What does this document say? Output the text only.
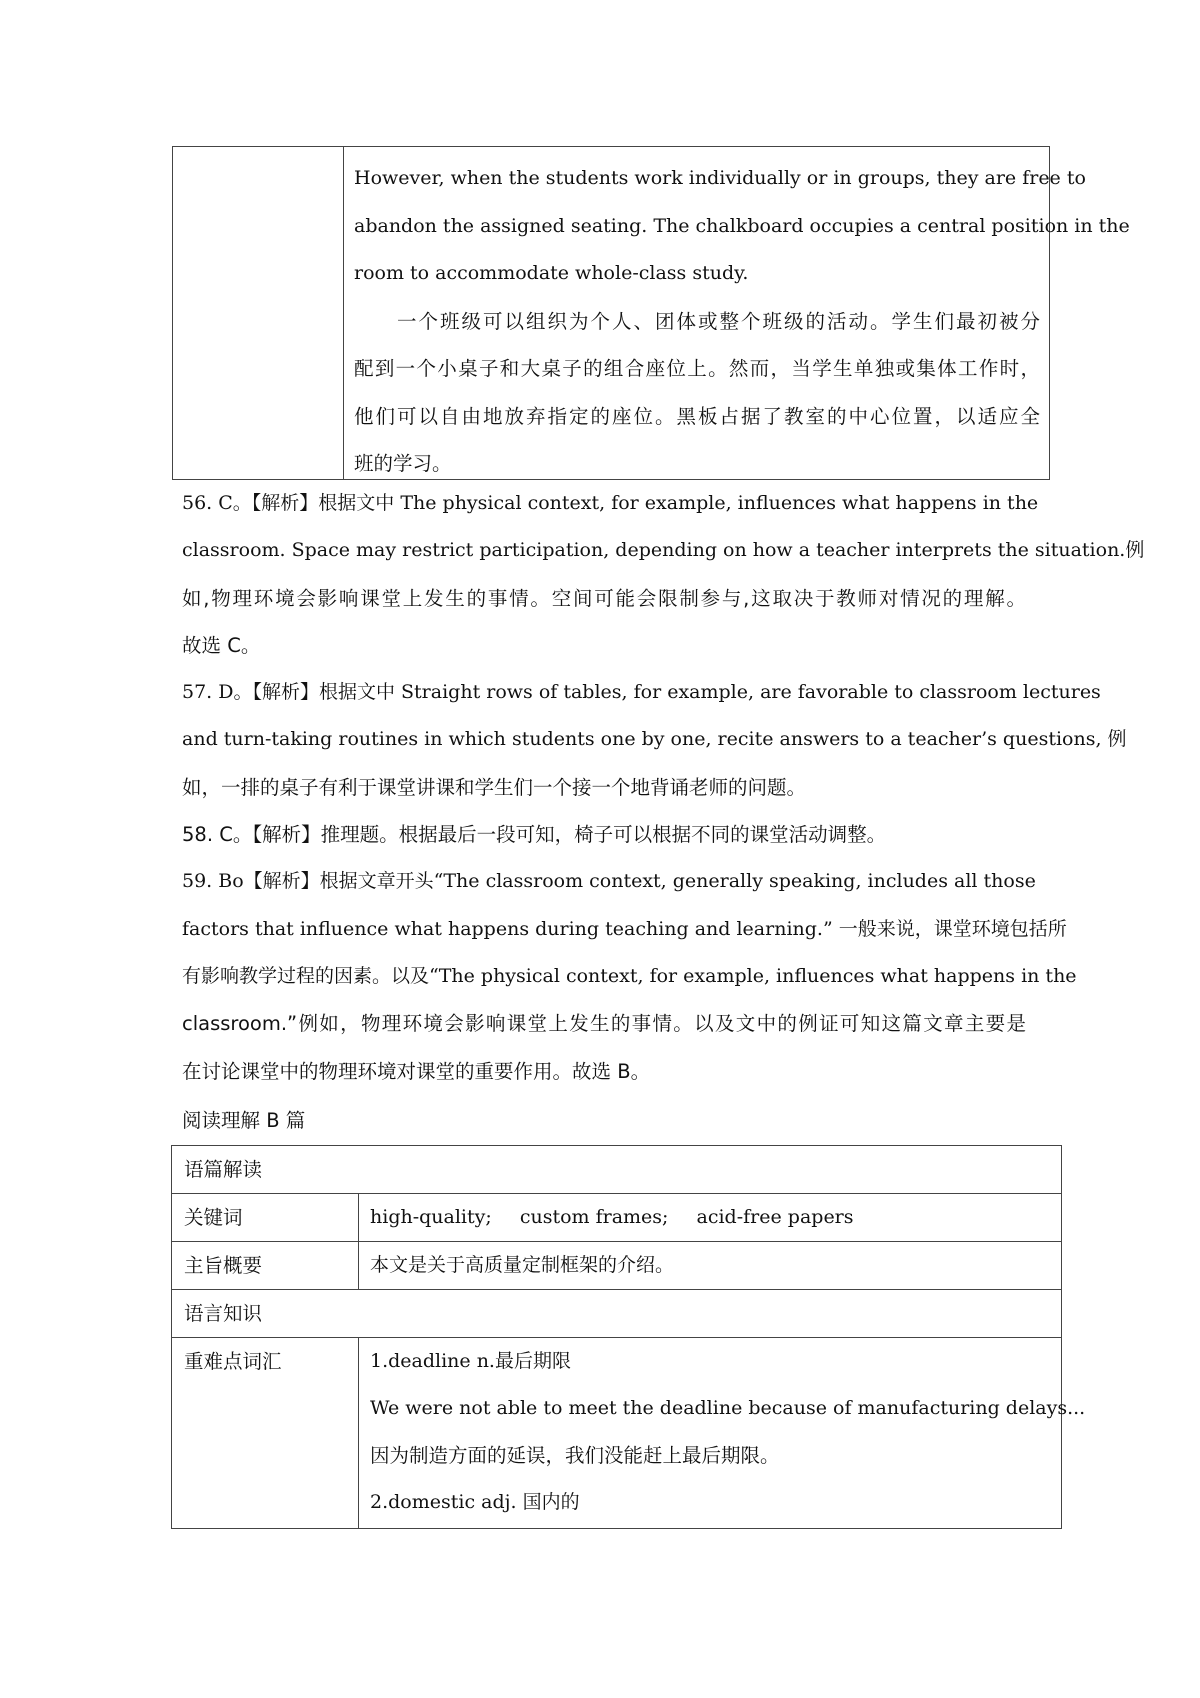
However, when the students work individually or in groups, they are free to
abandon the assigned seating. The chalkboard occupies a central position in the
room to accommodate whole-class study.
　　一个班级可以组织为个人、团体或整个班级的活动。学生们最初被分
配到一个小桌子和大桌子的组合座位上。然而，当学生单独或集体工作时，
他们可以自由地放弃指定的座位。黑板占据了教室的中心位置，以适应全
班的学习。
56. C。【解析】根据文中 The physical context, for example, influences what happens in the
classroom. Space may restrict participation, depending on how a teacher interprets the situation.例
如,物理环境会影响课堂上发生的事情。空间可能会限制参与,这取决于教师对情况的理解。
故选 C。
57. D。【解析】根据文中 Straight rows of tables, for example, are favorable to classroom lectures
and turn-taking routines in which students one by one, recite answers to a teacher’s questions, 例
如，一排的桌子有利于课堂讲课和学生们一个接一个地背诵老师的问题。
58. C。【解析】推理题。根据最后一段可知，椅子可以根据不同的课堂活动调整。
59. Bo【解析】根据文章开头“The classroom context, generally speaking, includes all those
factors that influence what happens during teaching and learning.” 一般来说，课堂环境包括所
有影响教学过程的因素。以及“The physical context, for example, influences what happens in the
classroom.”例如，物理环境会影响课堂上发生的事情。以及文中的例证可知这篇文章主要是
在讨论课堂中的物理环境对课堂的重要作用。故选 B。
阅读理解 B 篇
语篇解读
关键词	high-quality; custom frames; acid-free papers
主旨概要	本文是关于高质量定制框架的介绍。
语言知识
重难点词汇	1.deadline n.最后期限
We were not able to meet the deadline because of manufacturing delays...
因为制造方面的延误，我们没能赶上最后期限。
2.domestic adj. 国内的
